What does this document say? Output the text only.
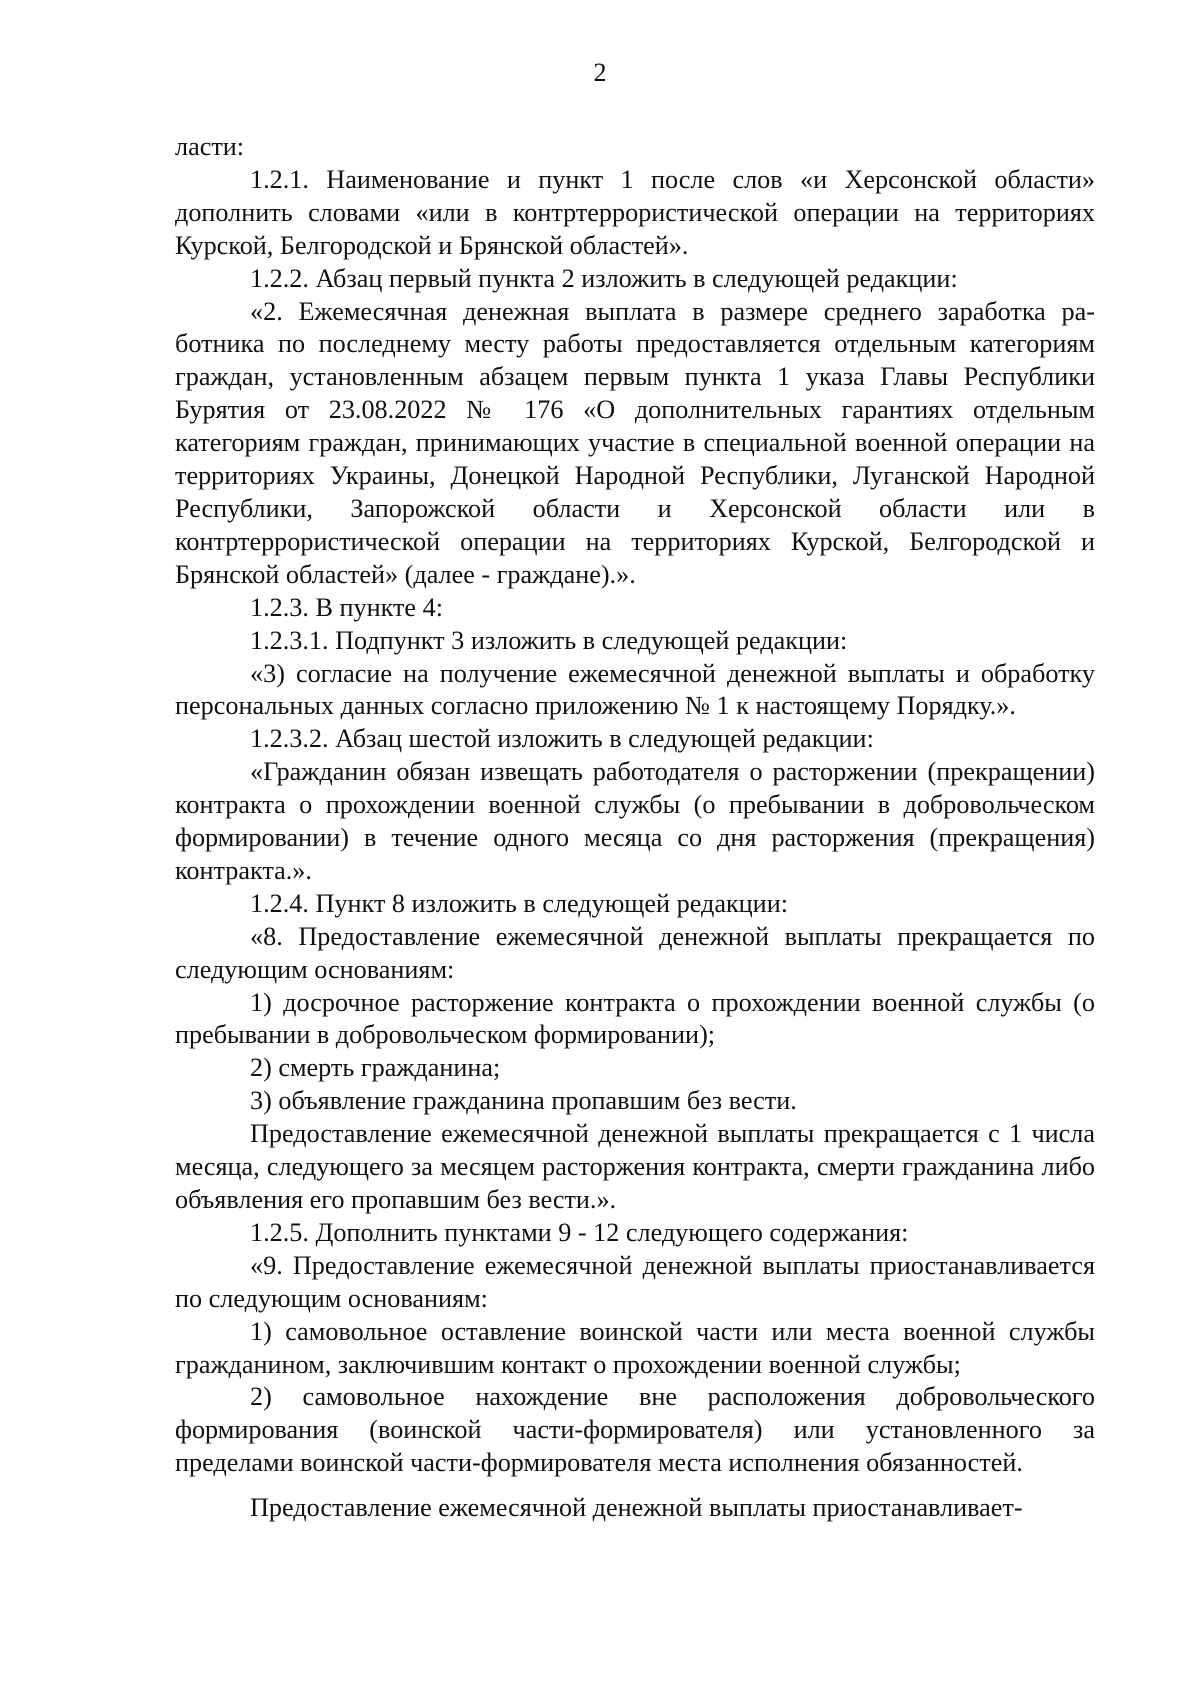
2

ласти:

1.2.1. Наименование и пункт 1 после слов «и Херсонской области» дополнить словами «или в контртеррористической операции на территориях Курской, Белгородской и Брянской областей».

1.2.2. Абзац первый пункта 2 изложить в следующей редакции:

«2. Ежемесячная денежная выплата в размере среднего заработка работника по последнему месту работы предоставляется отдельным категориям граждан, установленным абзацем первым пункта 1 указа Главы Республики Бурятия от 23.08.2022 № 176 «О дополнительных гарантиях отдельным категориям граждан, принимающих участие в специальной военной операции на территориях Украины, Донецкой Народной Республики, Луганской Народной Республики, Запорожской области и Херсонской области или в контртеррористической операции на территориях Курской, Белгородской и Брянской областей» (далее - граждане).».

1.2.3. В пункте 4:

1.2.3.1. Подпункт 3 изложить в следующей редакции:

«3) согласие на получение ежемесячной денежной выплаты и обработку персональных данных согласно приложению № 1 к настоящему Порядку.».

1.2.3.2. Абзац шестой изложить в следующей редакции:

«Гражданин обязан извещать работодателя о расторжении (прекращении) контракта о прохождении военной службы (о пребывании в добровольческом формировании) в течение одного месяца со дня расторжения (прекращения) контракта.».

1.2.4. Пункт 8 изложить в следующей редакции:

«8. Предоставление ежемесячной денежной выплаты прекращается по следующим основаниям:

1) досрочное расторжение контракта о прохождении военной службы (о пребывании в добровольческом формировании);

2) смерть гражданина;

3) объявление гражданина пропавшим без вести.

Предоставление ежемесячной денежной выплаты прекращается с 1 числа месяца, следующего за месяцем расторжения контракта, смерти гражданина либо объявления его пропавшим без вести.».

1.2.5. Дополнить пунктами 9 - 12 следующего содержания:

«9. Предоставление ежемесячной денежной выплаты приостанавливается по следующим основаниям:

1) самовольное оставление воинской части или места военной службы гражданином, заключившим контакт о прохождении военной службы;

2) самовольное нахождение вне расположения добровольческого формирования (воинской части-формирователя) или установленного за пределами воинской части-формирователя места исполнения обязанностей.

Предоставление ежемесячной денежной выплаты приостанавливает-
